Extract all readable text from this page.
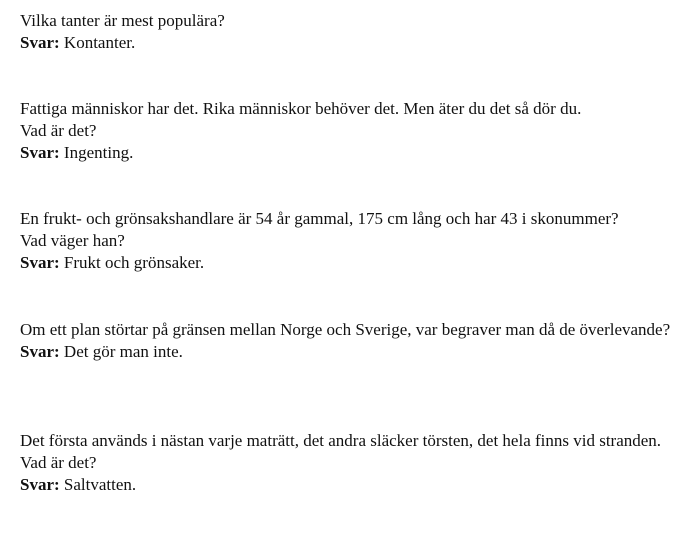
Vilka tanter är mest populära?
Svar: Kontanter.
Fattiga människor har det. Rika människor behöver det. Men äter du det så dör du.
Vad är det?
Svar: Ingenting.
En frukt- och grönsakshandlare är 54 år gammal, 175 cm lång och har 43 i skonummer?
Vad väger han?
Svar: Frukt och grönsaker.
Om ett plan störtar på gränsen mellan Norge och Sverige, var begraver man då de överlevande?
Svar: Det gör man inte.
Det första används i nästan varje maträtt, det andra släcker törsten, det hela finns vid stranden.
Vad är det?
Svar: Saltvatten.
